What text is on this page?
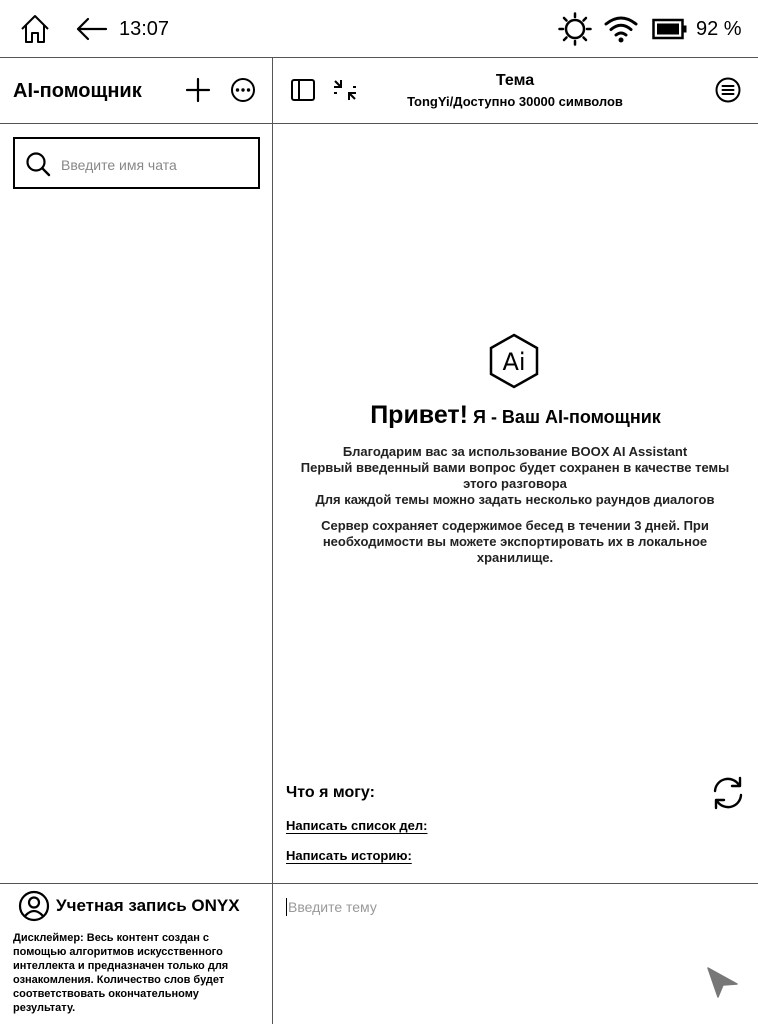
13:07	92 %
AI-помощник
Введите имя чата
Учетная запись ONYX
Дисклеймер: Весь контент создан с помощью алгоритмов искусственного интеллекта и предназначен только для ознакомления. Количество слов будет соответствовать окончательному результату.
Тема
TongYi/Доступно 30000 символов
Ai
Привет! Я - Ваш AI-помощник

Благодарим вас за использование BOOX AI Assistant

Первый введенный вами вопрос будет сохранен в качестве темы этого разговора

Для каждой темы можно задать несколько раундов диалогов

Сервер сохраняет содержимое бесед в течении 3 дней. При необходимости вы можете экспортировать их в локальное хранилище.

Что я могу:
Написать список дел:
Написать историю:
Введите тему
